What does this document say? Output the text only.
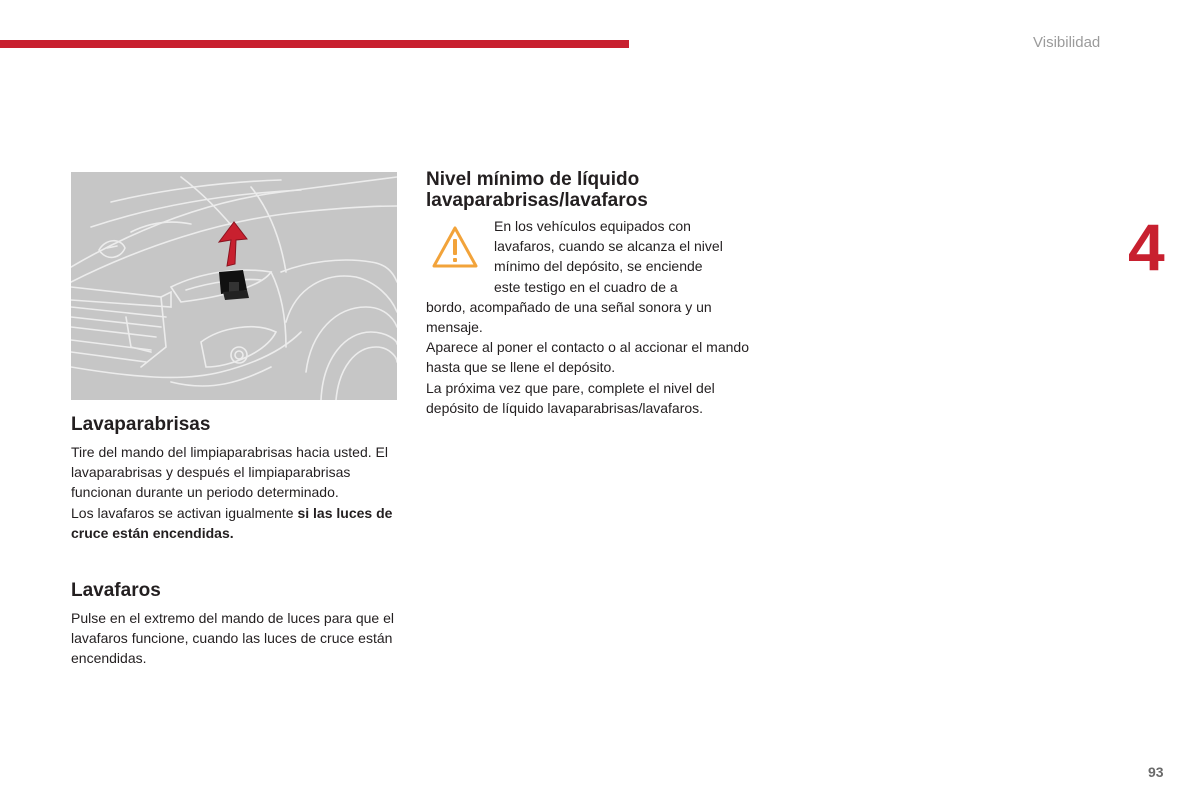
Visibilidad
4
93
Lavaparabrisas

Tire del mando del limpiaparabrisas hacia usted. El lavaparabrisas y después el limpiaparabrisas funcionan durante un periodo determinado.
Los lavafaros se activan igualmente si las luces de cruce están encendidas.

Lavafaros

Pulse en el extremo del mando de luces para que el lavafaros funcione, cuando las luces de cruce están encendidas.

Nivel mínimo de líquido lavaparabrisas/lavafaros
En los vehículos equipados con
lavafaros, cuando se alcanza el nivel
mínimo del depósito, se enciende
este testigo en el cuadro de a
bordo, acompañado de una señal sonora y un mensaje.
Aparece al poner el contacto o al accionar el mando hasta que se llene el depósito.
La próxima vez que pare, complete el nivel del depósito de líquido lavaparabrisas/lavafaros.
